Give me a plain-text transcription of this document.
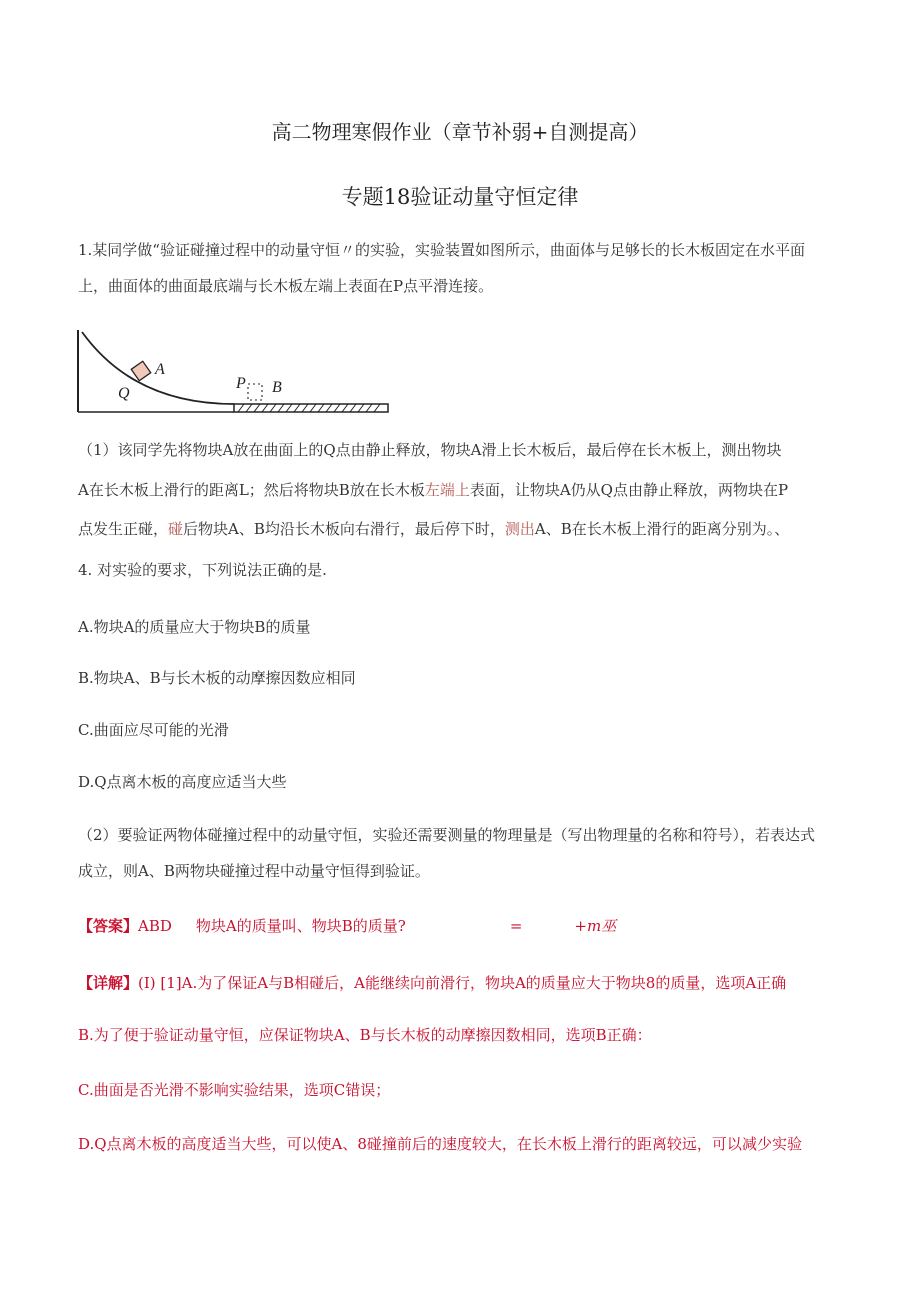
高二物理寒假作业（章节补弱+自测提高）
专题18验证动量守恒定律
1.某同学做“验证碰撞过程中的动量守恒〃的实验，实验装置如图所示，曲面体与足够长的长木板固定在水平面
上，曲面体的曲面最底端与长木板左端上表面在P点平滑连接。
A
Q
P B
（1）该同学先将物块A放在曲面上的Q点由静止释放，物块A滑上长木板后，最后停在长木板上，测出物块
A在长木板上滑行的距离L；然后将物块B放在长木板左端上表面，让物块A仍从Q点由静止释放，两物块在P
点发生正碰，碰后物块A、B均沿长木板向右滑行，最后停下时，测出A、B在长木板上滑行的距离分别为。、
4. 对实验的要求，下列说法正确的是.
A.物块A的质量应大于物块B的质量
B.物块A、B与长木板的动摩擦因数应相同
C.曲面应尽可能的光滑
D.Q点离木板的高度应适当大些
（2）要验证两物体碰撞过程中的动量守恒，实验还需要测量的物理量是（写出物理量的名称和符号），若表达式
成立，则A、B两物块碰撞过程中动量守恒得到验证。
【答案】ABD 物块A的质量叫、物块B的质量?	=	+m巫
【详解】(I) [1]A.为了保证A与B相碰后，A能继续向前滑行，物块A的质量应大于物块8的质量，选项A正确
B.为了便于验证动量守恒，应保证物块A、B与长木板的动摩擦因数相同，选项B正确：
C.曲面是否光滑不影响实验结果，选项C错误；
D.Q点离木板的高度适当大些，可以使A、8碰撞前后的速度较大，在长木板上滑行的距离较远，可以减少实验
